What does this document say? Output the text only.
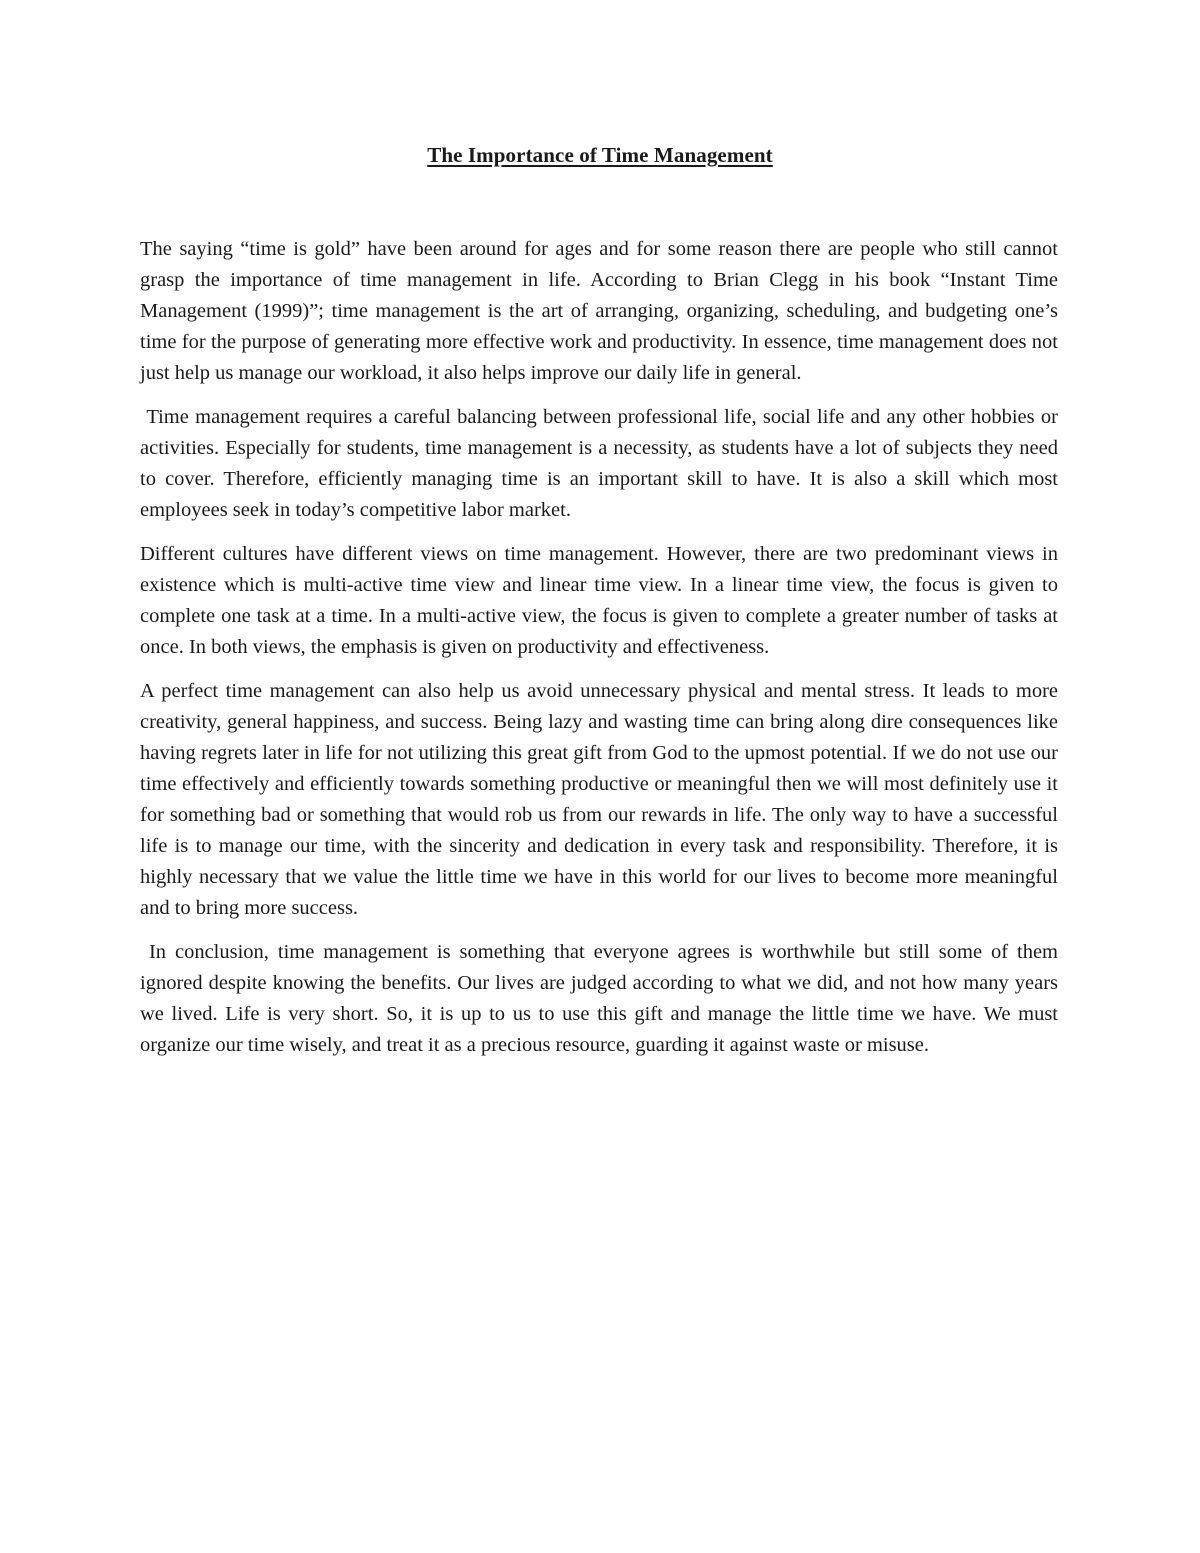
The Importance of Time Management

The saying “time is gold” have been around for ages and for some reason there are people who still cannot grasp the importance of time management in life. According to Brian Clegg in his book “Instant Time Management (1999)”; time management is the art of arranging, organizing, scheduling, and budgeting one’s time for the purpose of generating more effective work and productivity. In essence, time management does not just help us manage our workload, it also helps improve our daily life in general.

Time management requires a careful balancing between professional life, social life and any other hobbies or activities. Especially for students, time management is a necessity, as students have a lot of subjects they need to cover. Therefore, efficiently managing time is an important skill to have. It is also a skill which most employees seek in today’s competitive labor market.

Different cultures have different views on time management. However, there are two predominant views in existence which is multi-active time view and linear time view. In a linear time view, the focus is given to complete one task at a time. In a multi-active view, the focus is given to complete a greater number of tasks at once. In both views, the emphasis is given on productivity and effectiveness.

A perfect time management can also help us avoid unnecessary physical and mental stress. It leads to more creativity, general happiness, and success. Being lazy and wasting time can bring along dire consequences like having regrets later in life for not utilizing this great gift from God to the upmost potential. If we do not use our time effectively and efficiently towards something productive or meaningful then we will most definitely use it for something bad or something that would rob us from our rewards in life. The only way to have a successful life is to manage our time, with the sincerity and dedication in every task and responsibility. Therefore, it is highly necessary that we value the little time we have in this world for our lives to become more meaningful and to bring more success.

In conclusion, time management is something that everyone agrees is worthwhile but still some of them ignored despite knowing the benefits. Our lives are judged according to what we did, and not how many years we lived. Life is very short. So, it is up to us to use this gift and manage the little time we have. We must organize our time wisely, and treat it as a precious resource, guarding it against waste or misuse.
